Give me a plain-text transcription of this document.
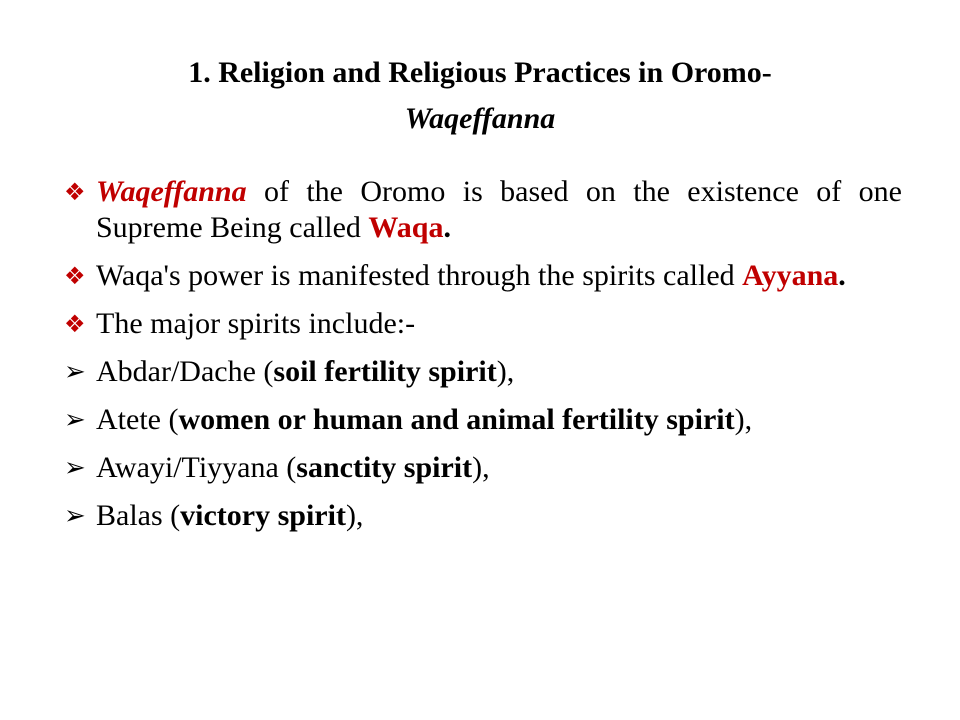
1. Religion and Religious Practices in Oromo-
Waqeffanna
❖ Waqeffanna of the Oromo is based on the existence of one Supreme Being called Waqa.
❖ Waqa's power is manifested through the spirits called Ayyana.
❖ The major spirits include:-
➢ Abdar/Dache (soil fertility spirit),
➢ Atete (women or human and animal fertility spirit),
➢ Awayi/Tiyyana (sanctity spirit),
➢ Balas (victory spirit),
